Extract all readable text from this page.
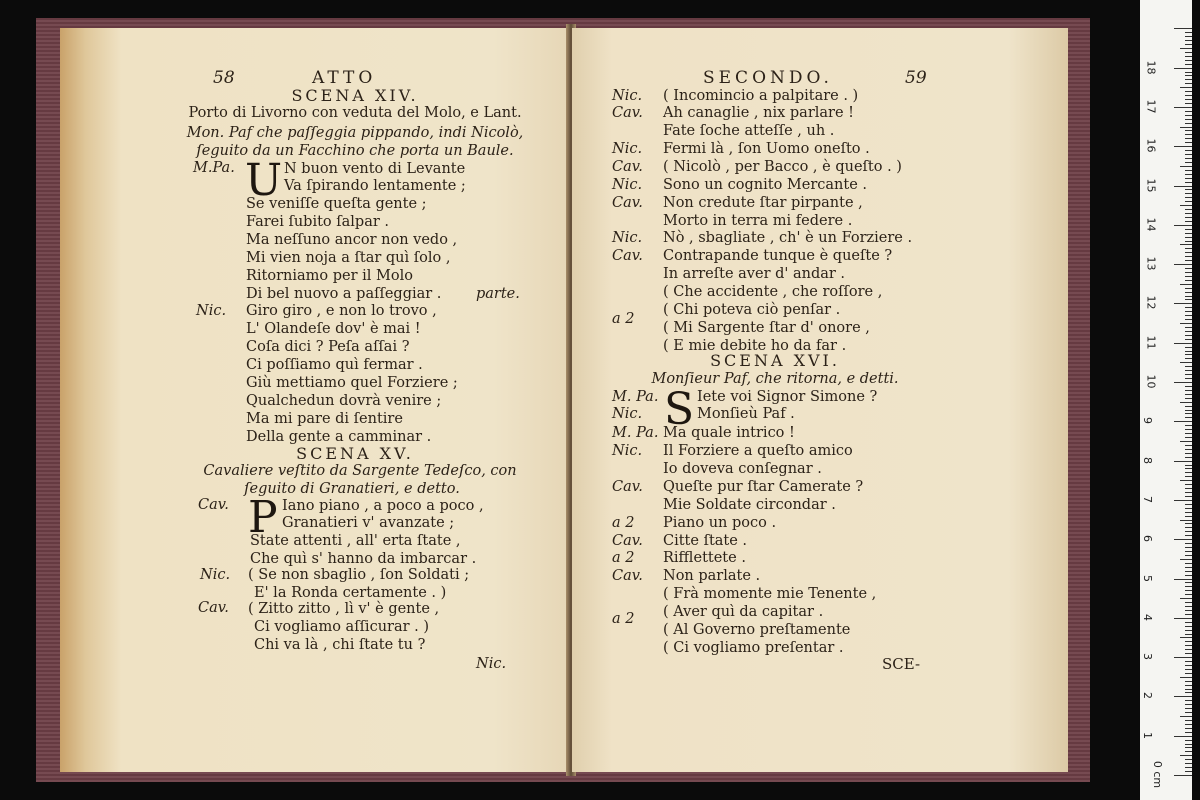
58	ATTO
SCENA XIV.
Porto di Livorno con veduta del Molo, e Lant.
Mon. Paf che paſſeggia pippando, indi Nicolò,
ſeguito da un Facchino che porta un Baule.
M.Pa. U N buon vento di Levante
Va ſpirando lentamente ;
Se veniſſe queſta gente ;
Farei ſubito ſalpar .
Ma neſſuno ancor non vedo ,
Mi vien noja a ſtar quì ſolo ,
Ritorniamo per il Molo
Di bel nuovo a paſſeggiar . parte.
Nic. Giro giro , e non lo trovo ,
L' Olandeſe dov' è mai !
Coſa dici ? Peſa aſſai ?
Ci poſſiamo quì fermar .
Giù mettiamo quel Forziere ;
Qualchedun dovrà venire ;
Ma mi pare di ſentire
Della gente a camminar .
SCENA XV.
Cavaliere veſtito da Sargente Tedeſco, con
ſeguito di Granatieri, e detto.
Cav. P Iano piano , a poco a poco ,
Granatieri v' avanzate ;
State attenti , all' erta ſtate ,
Che quì s' hanno da imbarcar .
Nic. ( Se non sbaglio , ſon Soldati ;
E' la Ronda certamente . )
Cav. ( Zitto zitto , lì v' è gente ,
Ci vogliamo aſſicurar . )
Chi va là , chi ſtate tu ?
Nic.
SECONDO.	59
Nic. ( Incomincio a palpitare . )
Cav. Ah canaglie , nix parlare !
Fate ſoche atteſſe , uh .
Nic. Fermi là , ſon Uomo oneſto .
Cav. ( Nicolò , per Bacco , è queſto . )
Nic. Sono un cognito Mercante .
Cav. Non credute ſtar pirpante ,
Morto in terra mi federe .
Nic. Nò , sbagliate , ch' è un Forziere .
Cav. Contrapande tunque è queſte ?
In arreſte aver d' andar .
a 2
( Che accidente , che roſſore ,
( Chi poteva ciò penſar .
( Mi Sargente ſtar d' onore ,
( E mie debite ho da far .
SCENA XVI.
Monſieur Paf, che ritorna, e detti.
M. Pa. S Iete voi Signor Simone ?
Nic.	Monſieù Paf .
M. Pa. Ma quale intrico !
Nic. Il Forziere a queſto amico
Io doveva conſegnar .
Cav. Queſte pur ſtar Camerate ?
Mie Soldate circondar .
a 2 Piano un poco .
Cav. Citte ſtate .
a 2 Rifflettete .
Cav. Non parlate .
a 2
( Frà momente mie Tenente ,
( Aver quì da capitar .
( Al Governo preſtamente
( Ci vogliamo preſentar .
SCE-
0 cm
1
2
3
4
5
6
7
8
9
10
11
12
13
14
15
16
17
18
